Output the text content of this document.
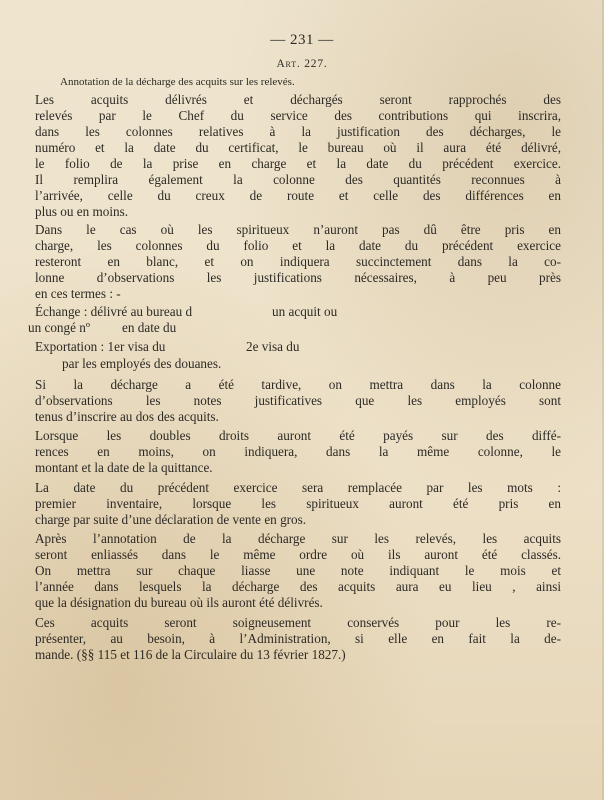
— 231 —
Art. 227.
Annotation de la décharge des acquits sur les relevés.
Les acquits délivrés et déchargés seront rapprochés des
relevés par le Chef du service des contributions qui inscrira,
dans les colonnes relatives à la justification des décharges, le
numéro et la date du certificat, le bureau où il aura été délivré,
le folio de la prise en charge et la date du précédent exercice.
Il remplira également la colonne des quantités reconnues à
l’arrivée, celle du creux de route et celle des différences en
plus ou en moins.
Dans le cas où les spiritueux n’auront pas dû être pris en
charge, les colonnes du folio et la date du précédent exercice
resteront en blanc, et on indiquera succinctement dans la co-
lonne d’observations les justifications nécessaires, à peu près
en ces termes : -
Échange : délivré au bureau d	un acquit ou
un congé nº en date du
Exportation : 1er visa du	2e visa du
par les employés des douanes.
Si la décharge a été tardive, on mettra dans la colonne
d’observations les notes justificatives que les employés sont
tenus d’inscrire au dos des acquits.
Lorsque les doubles droits auront été payés sur des diffé-
rences en moins, on indiquera, dans la même colonne, le
montant et la date de la quittance.
La date du précédent exercice sera remplacée par les mots :
premier inventaire, lorsque les spiritueux auront été pris en
charge par suite d’une déclaration de vente en gros.
Après l’annotation de la décharge sur les relevés, les acquits
seront enliassés dans le même ordre où ils auront été classés.
On mettra sur chaque liasse une note indiquant le mois et
l’année dans lesquels la décharge des acquits aura eu lieu , ainsi
que la désignation du bureau où ils auront été délivrés.
Ces acquits seront soigneusement conservés pour les re-
présenter, au besoin, à l’Administration, si elle en fait la de-
mande. (§§ 115 et 116 de la Circulaire du 13 février 1827.)
